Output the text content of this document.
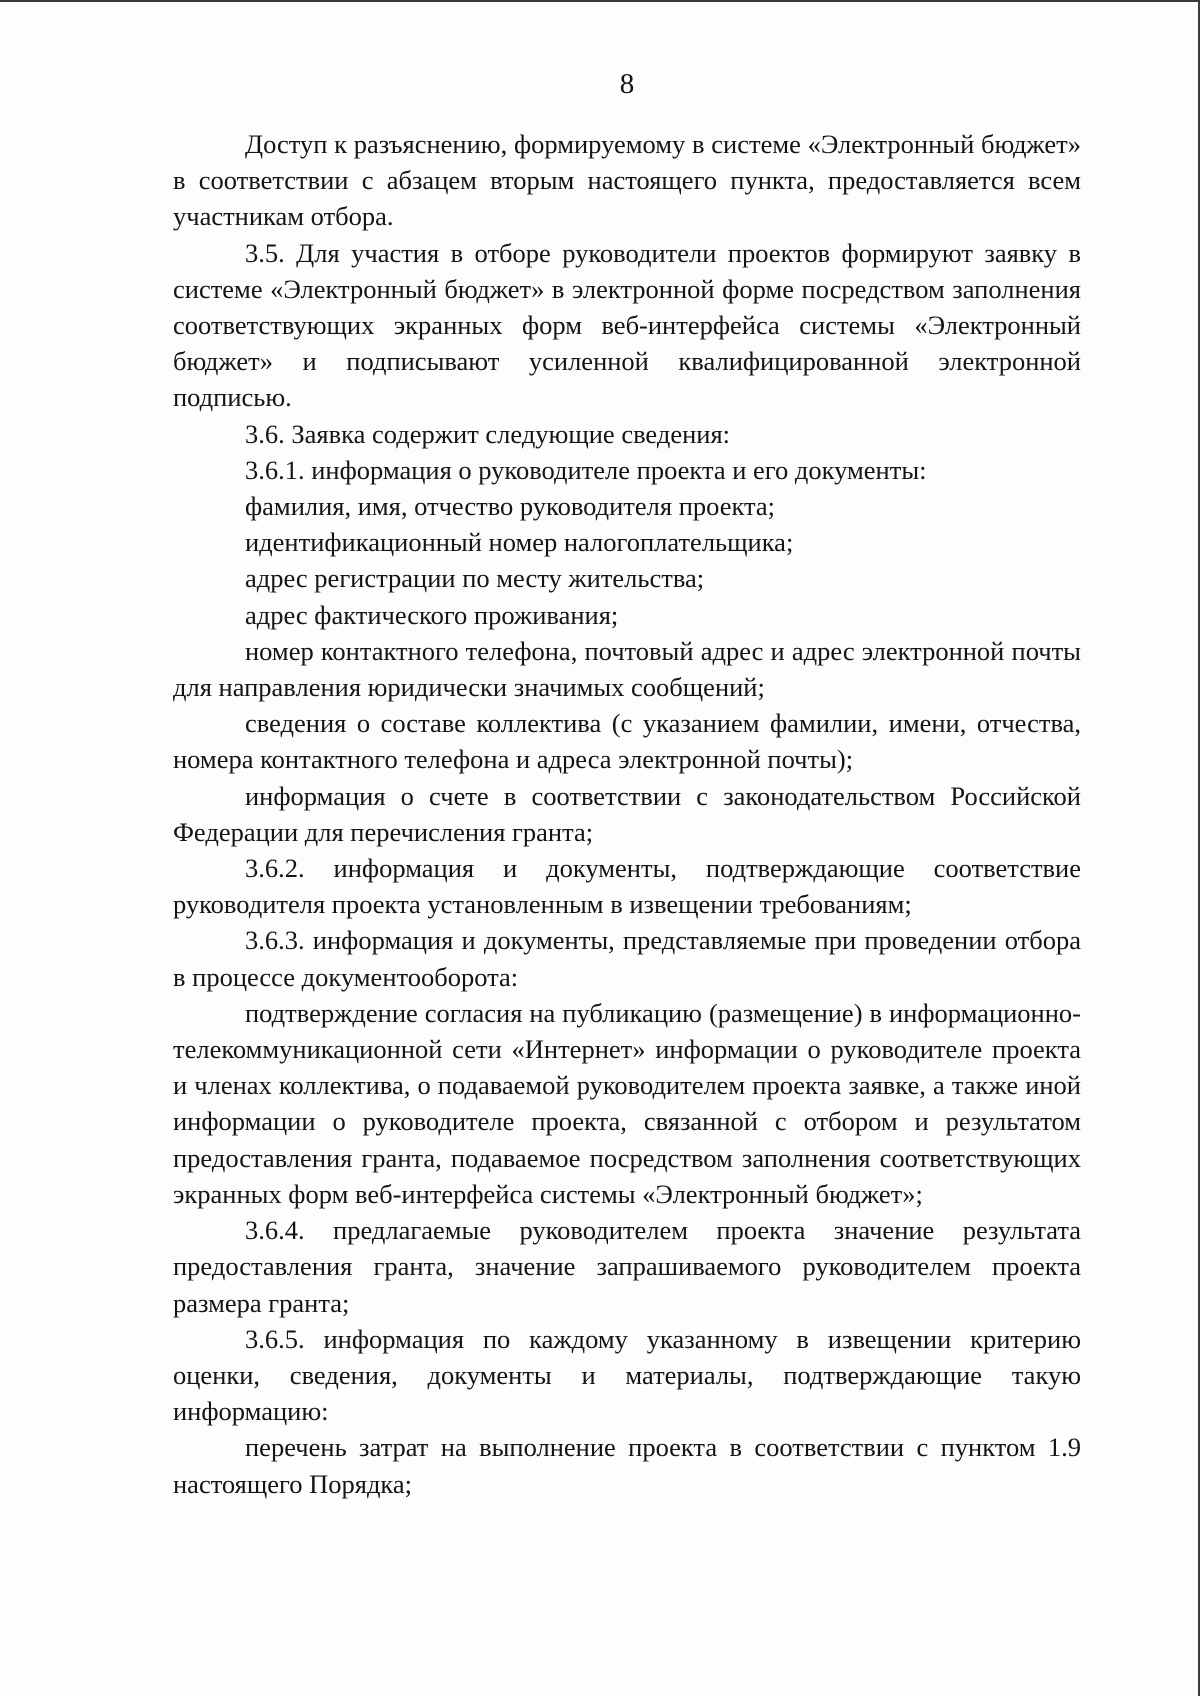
8

Доступ к разъяснению, формируемому в системе «Электронный бюджет» в соответствии с абзацем вторым настоящего пункта, предоставляется всем участникам отбора.

3.5. Для участия в отборе руководители проектов формируют заявку в системе «Электронный бюджет» в электронной форме посредством заполнения соответствующих экранных форм веб-интерфейса системы «Электронный бюджет» и подписывают усиленной квалифицированной электронной подписью.

3.6. Заявка содержит следующие сведения:

3.6.1. информация о руководителе проекта и его документы:

фамилия, имя, отчество руководителя проекта;

идентификационный номер налогоплательщика;

адрес регистрации по месту жительства;

адрес фактического проживания;

номер контактного телефона, почтовый адрес и адрес электронной почты для направления юридически значимых сообщений;

сведения о составе коллектива (с указанием фамилии, имени, отчества, номера контактного телефона и адреса электронной почты);

информация о счете в соответствии с законодательством Российской Федерации для перечисления гранта;

3.6.2. информация и документы, подтверждающие соответствие руководителя проекта установленным в извещении требованиям;

3.6.3. информация и документы, представляемые при проведении отбора в процессе документооборота:

подтверждение согласия на публикацию (размещение) в информационно-телекоммуникационной сети «Интернет» информации о руководителе проекта и членах коллектива, о подаваемой руководителем проекта заявке, а также иной информации о руководителе проекта, связанной с отбором и результатом предоставления гранта, подаваемое посредством заполнения соответствующих экранных форм веб-интерфейса системы «Электронный бюджет»;

3.6.4. предлагаемые руководителем проекта значение результата предоставления гранта, значение запрашиваемого руководителем проекта размера гранта;

3.6.5. информация по каждому указанному в извещении критерию оценки, сведения, документы и материалы, подтверждающие такую информацию:

перечень затрат на выполнение проекта в соответствии с пунктом 1.9 настоящего Порядка;
